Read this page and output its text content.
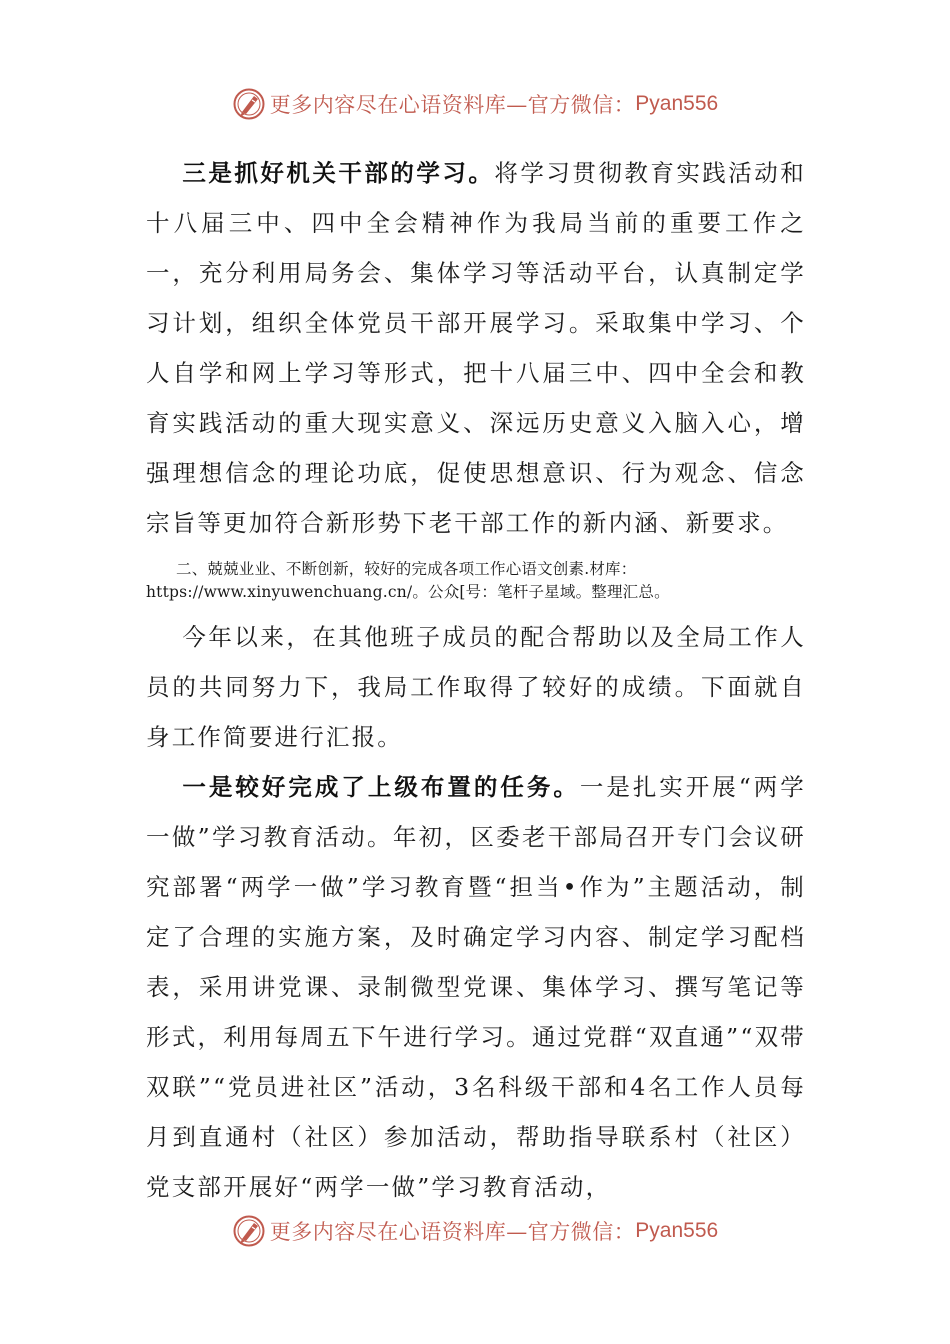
更多内容尽在心语资料库—官方微信： Pyan556

三是抓好机关干部的学习。将学习贯彻教育实践活动和十八届三中、四中全会精神作为我局当前的重要工作之一，充分利用局务会、集体学习等活动平台，认真制定学习计划，组织全体党员干部开展学习。采取集中学习、个人自学和网上学习等形式，把十八届三中、四中全会和教育实践活动的重大现实意义、深远历史意义入脑入心，增强理想信念的理论功底，促使思想意识、行为观念、信念宗旨等更加符合新形势下老干部工作的新内涵、新要求。

二、兢兢业业、不断创新，较好的完成各项工作心语文创素.材库：
https://www.xinyuwenchuang.cn/。公众[号：笔杆子星域。整理汇总。

今年以来，在其他班子成员的配合帮助以及全局工作人员的共同努力下，我局工作取得了较好的成绩。下面就自身工作简要进行汇报。

一是较好完成了上级布置的任务。一是扎实开展“两学一做”学习教育活动。年初，区委老干部局召开专门会议研究部署“两学一做”学习教育暨“担当•作为”主题活动，制定了合理的实施方案，及时确定学习内容、制定学习配档表，采用讲党课、录制微型党课、集体学习、撰写笔记等形式，利用每周五下午进行学习。通过党群“双直通”“双带双联”“党员进社区”活动，3名科级干部和4名工作人员每月到直通村（社区）参加活动，帮助指导联系村（社区）党支部开展好“两学一做”学习教育活动，

更多内容尽在心语资料库—官方微信： Pyan556
